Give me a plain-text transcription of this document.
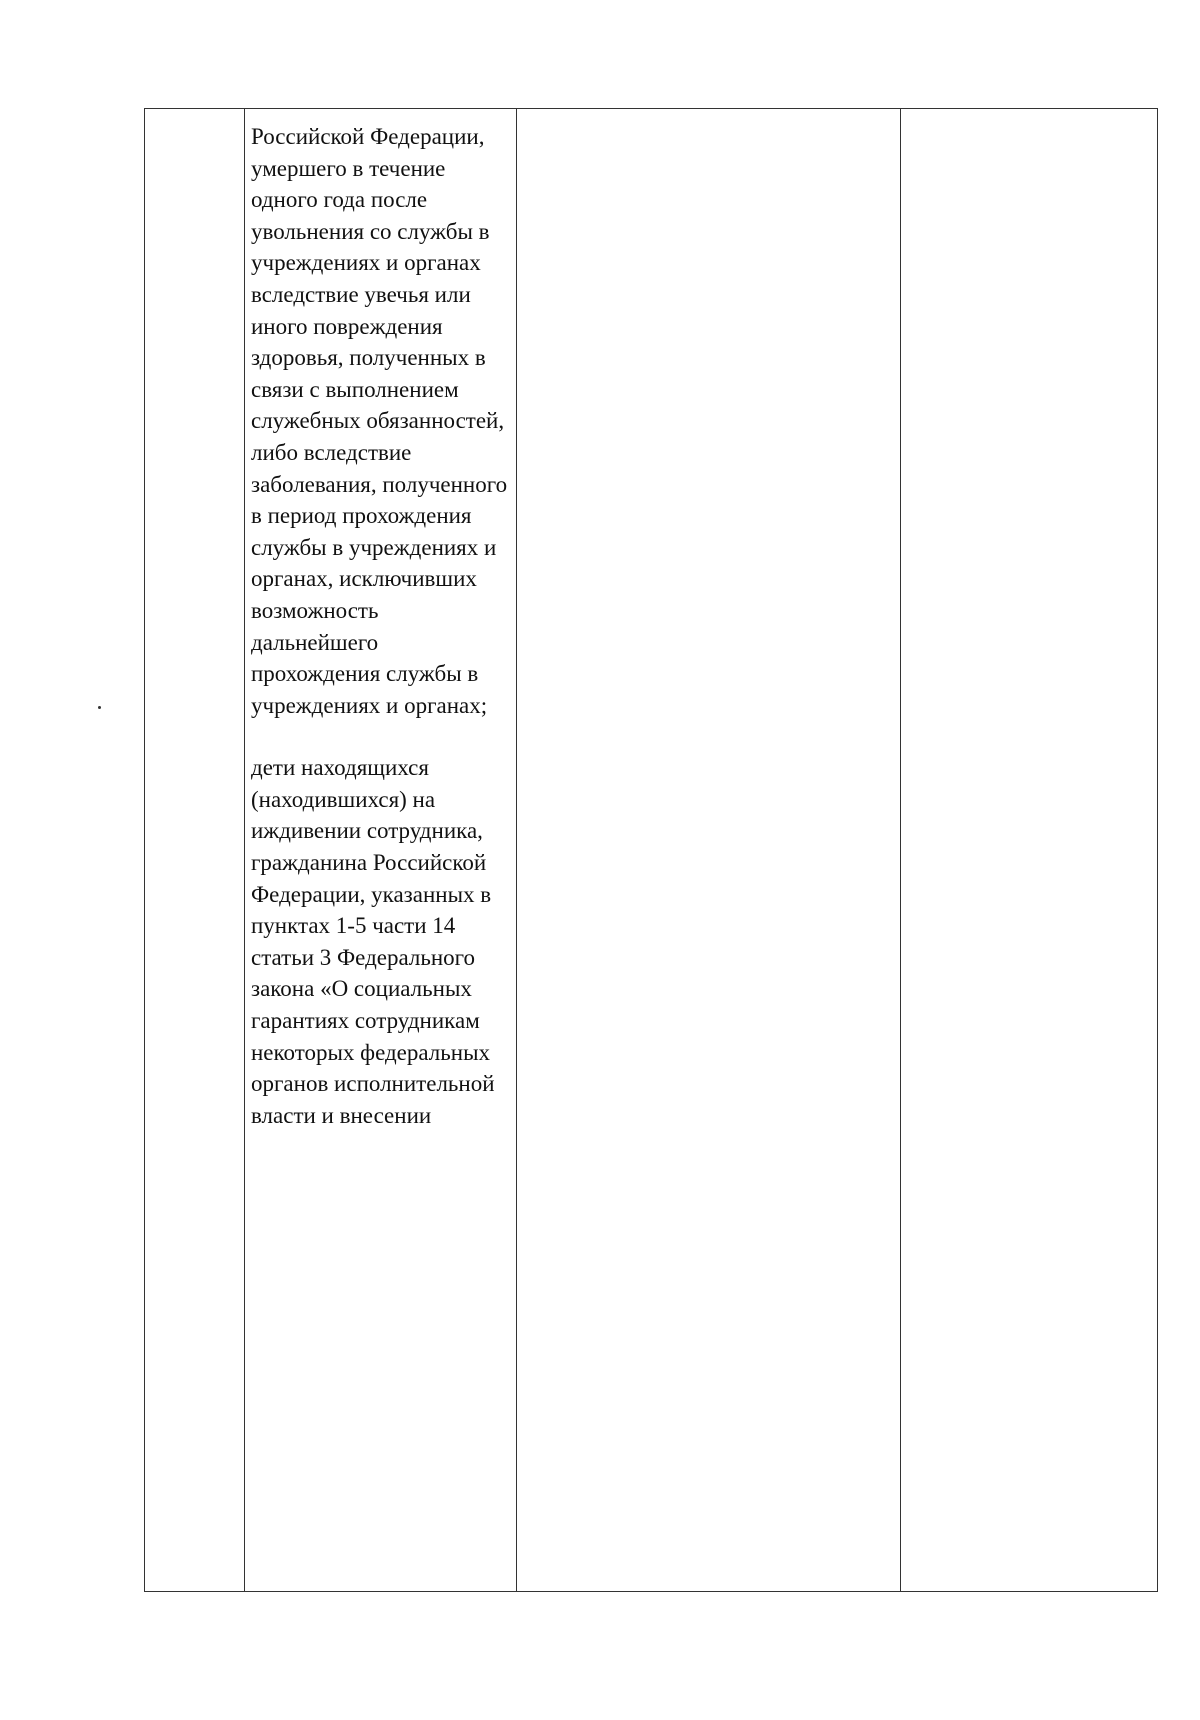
Российской Федерации, умершего в течение одного года после увольнения со службы в учреждениях и органах вследствие увечья или иного повреждения здоровья, полученных в связи с выполнением служебных обязанностей, либо вследствие заболевания, полученного в период прохождения службы в учреждениях и органах, исключивших возможность дальнейшего прохождения службы в учреждениях и органах;

дети находящихся (находившихся) на иждивении сотрудника, гражданина Российской Федерации, указанных в пунктах 1-5 части 14 статьи 3 Федерального закона «О социальных гарантиях сотрудникам некоторых федеральных органов исполнительной власти и внесении
